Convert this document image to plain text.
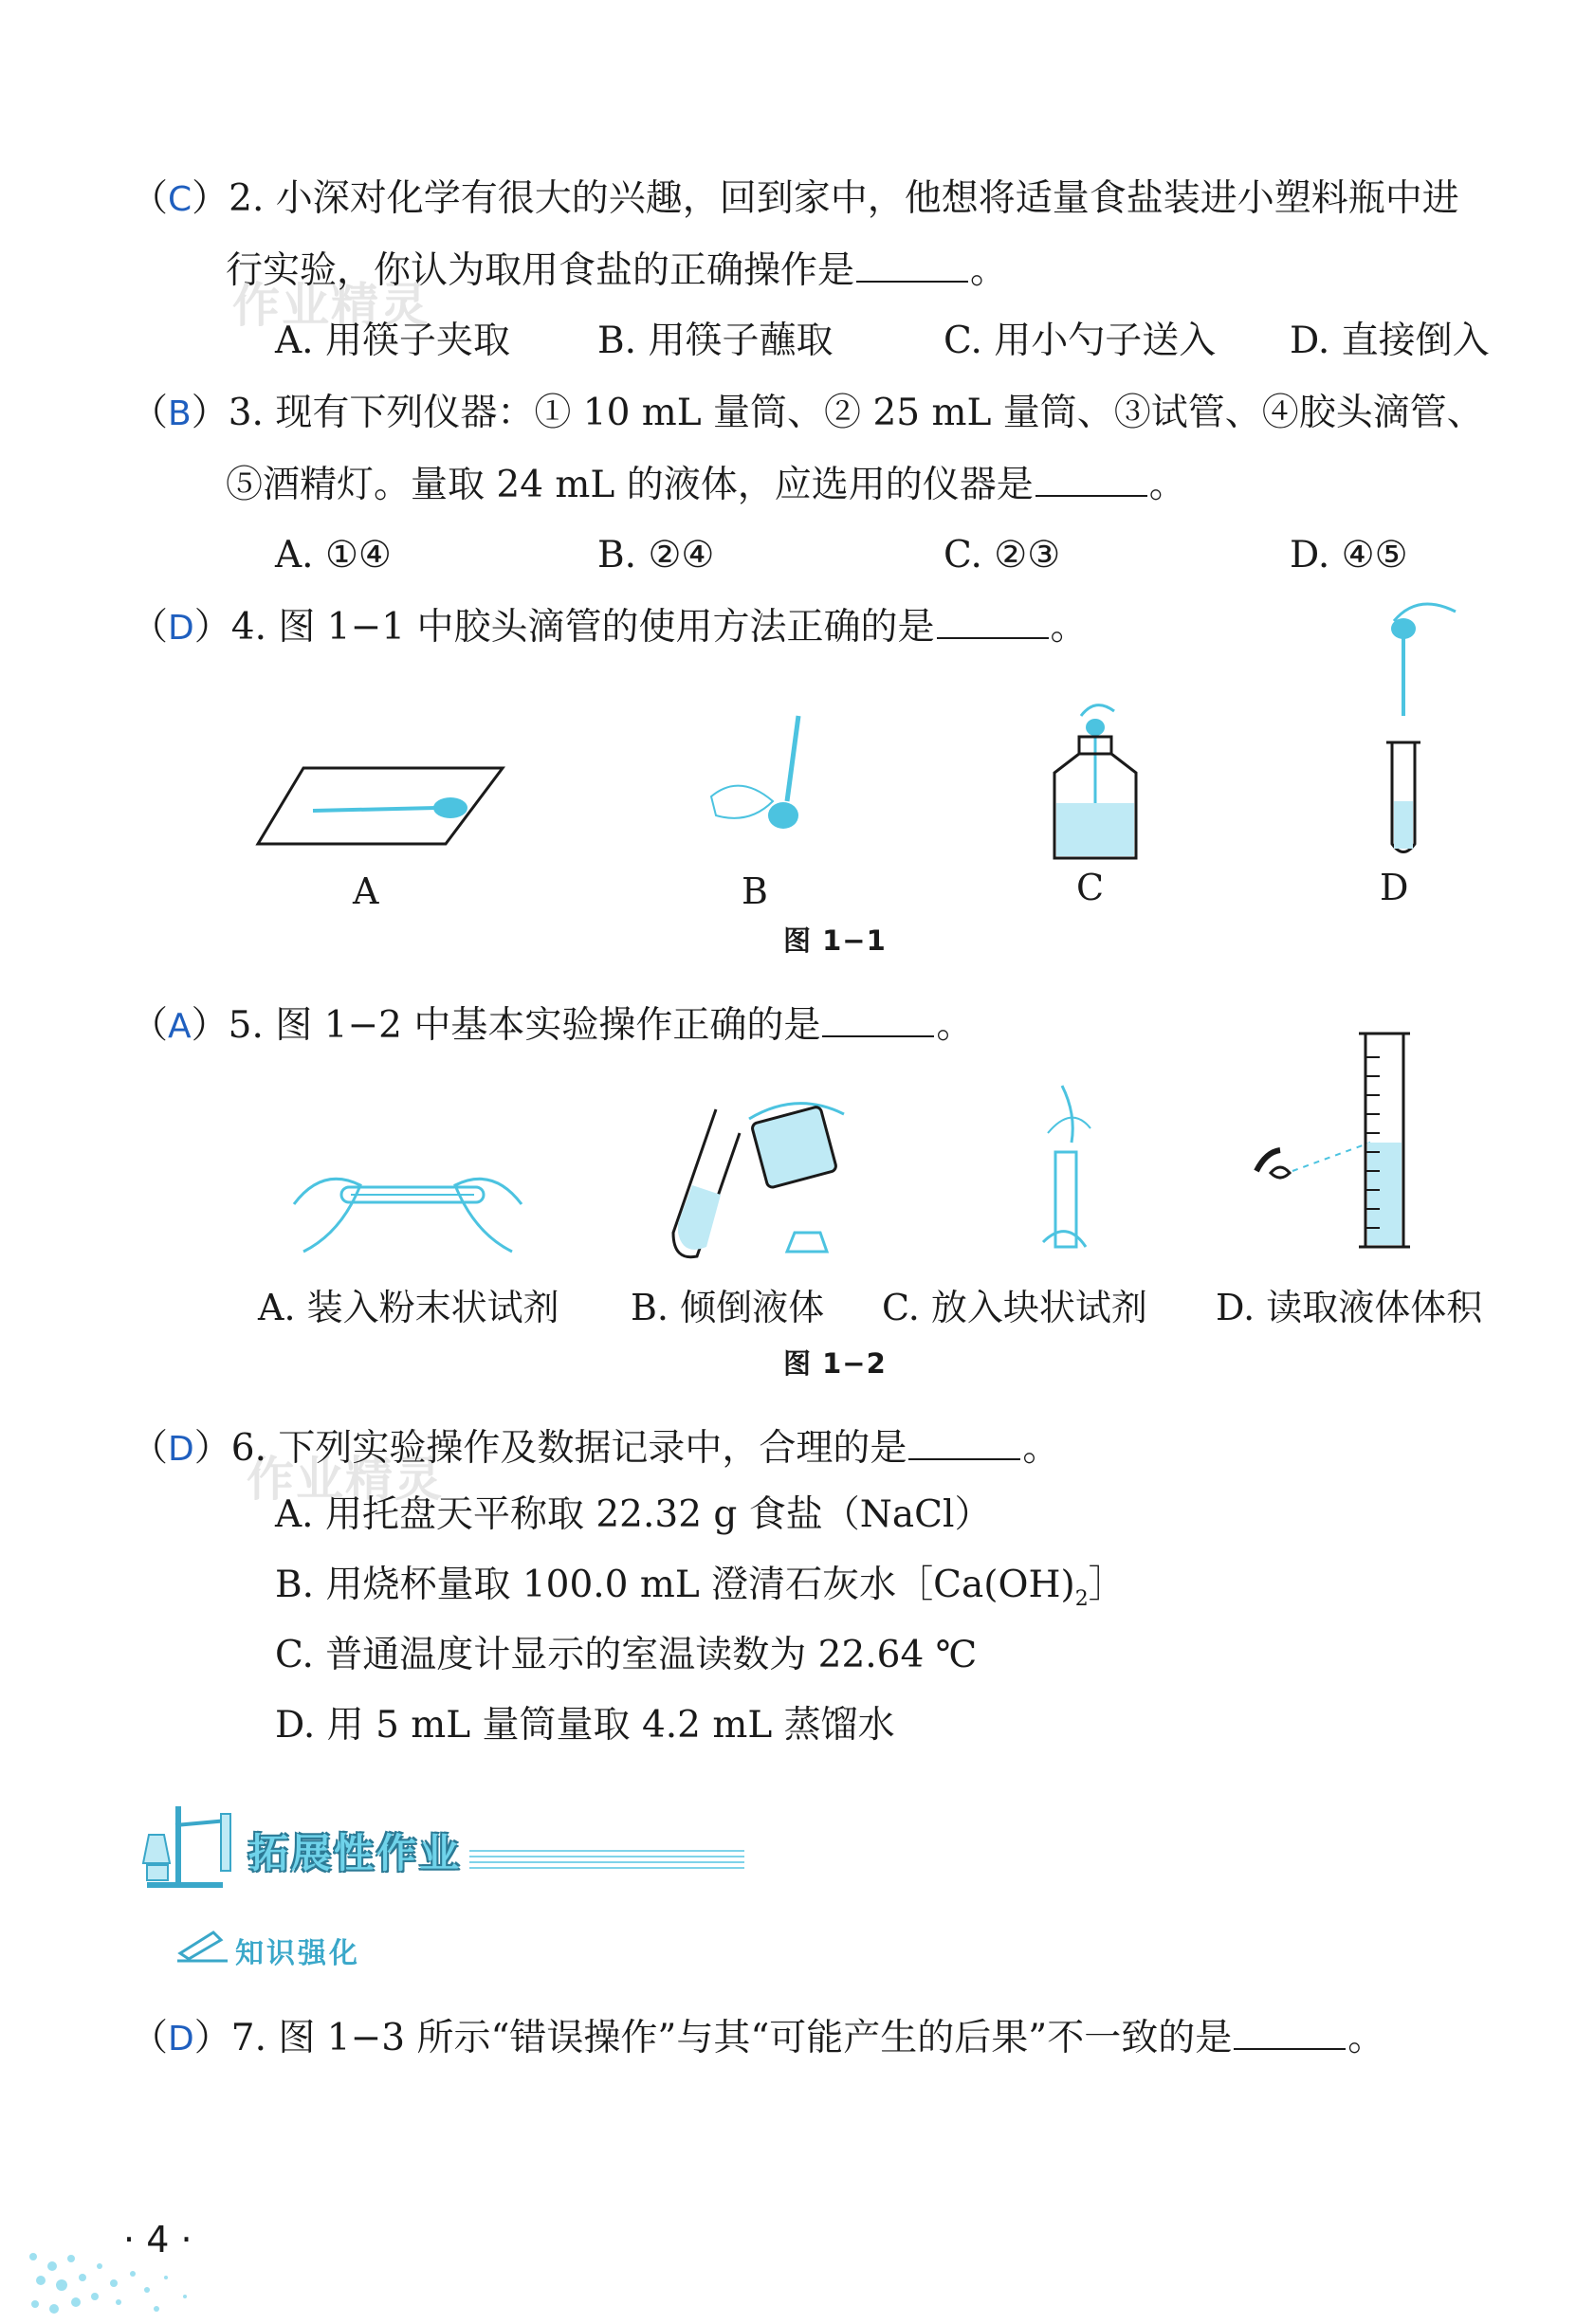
作业精灵
作业精灵
（C）2. 小深对化学有很大的兴趣，回到家中，他想将适量食盐装进小塑料瓶中进
行实验，你认为取用食盐的正确操作是	。
A. 用筷子夹取 B. 用筷子蘸取	C. 用小勺子送入 D. 直接倒入
（B）3. 现有下列仪器：① 10 mL 量筒、② 25 mL 量筒、③试管、④胶头滴管、
⑤酒精灯。量取 24 mL 的液体，应选用的仪器是	。
A. ①④	B. ②④	C. ②③	D. ④⑤
（D）4. 图 1−1 中胶头滴管的使用方法正确的是	。
A	B	C	D
图 1−1
（A）5. 图 1−2 中基本实验操作正确的是	。
A. 装入粉末状试剂 B. 倾倒液体 C. 放入块状试剂 D. 读取液体体积
图 1−2
（D）6. 下列实验操作及数据记录中，合理的是	。
A. 用托盘天平称取 22.32 g 食盐（NaCl）
B. 用烧杯量取 100.0 mL 澄清石灰水$[Ca(OH)_2]$
C. 普通温度计显示的室温读数为 22.64 ℃
D. 用 5 mL 量筒量取 4.2 mL 蒸馏水
拓展性作业
知识强化
（D）7. 图 1−3 所示“错误操作”与其“可能产生的后果”不一致的是	。
· 4 ·
